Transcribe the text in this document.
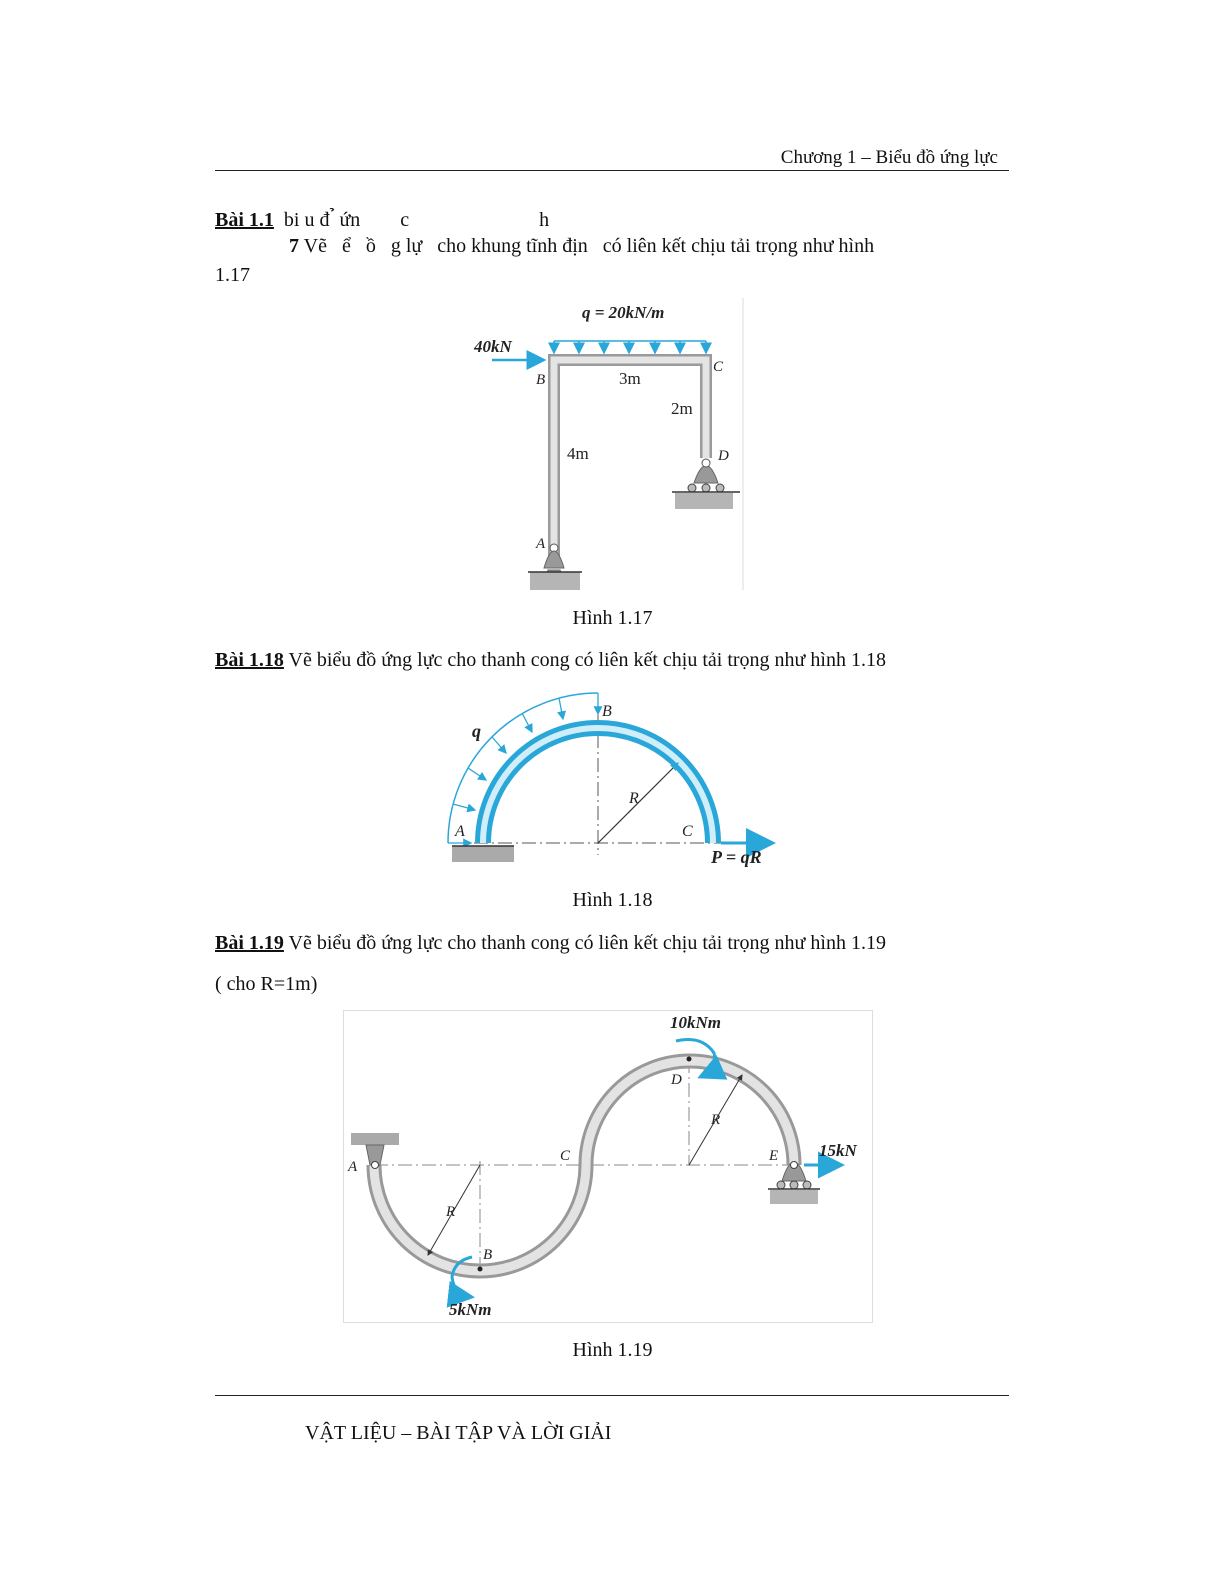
Chương 1 – Biểu đồ ứng lực
Bài 1.1  bi u đ ̉ ứn        c                          h
7 Vẽ   ể   ồ   g lự   cho khung tĩnh địn   có liên kết chịu tải trọng như hình
1.17
q = 20kN/m
40kN
B
C
D
A
3m
2m
4m
Hình 1.17
Bài 1.18 Vẽ biểu đồ ứng lực cho thanh cong có liên kết chịu tải trọng như hình 1.18
q
A
B
C
R
P = qR
Hình 1.18
Bài 1.19 Vẽ biểu đồ ứng lực cho thanh cong có liên kết chịu tải trọng như hình 1.19
( cho R=1m)
10kNm
5kNm
15kN
A
B
C
D
E
R
R
Hình 1.19
VẬT LIỆU – BÀI TẬP VÀ LỜI GIẢI
